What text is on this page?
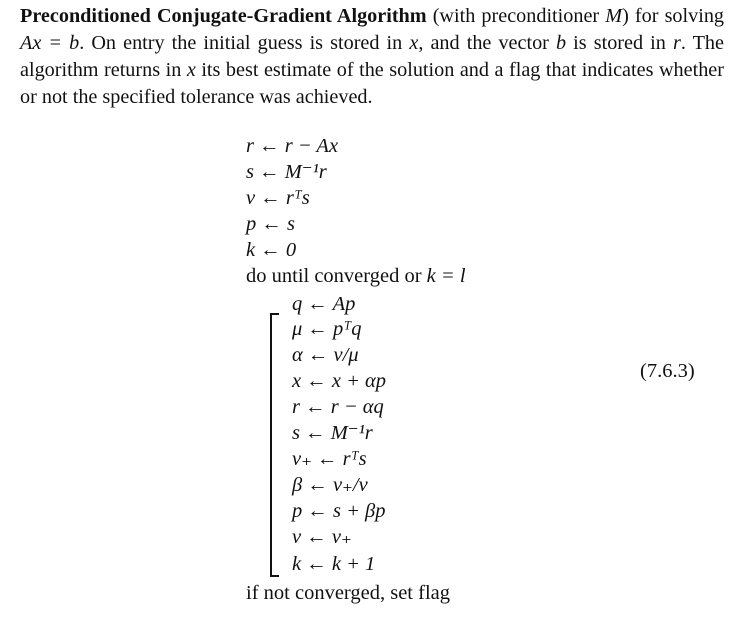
Preconditioned Conjugate-Gradient Algorithm (with preconditioner M) for solving Ax = b. On entry the initial guess is stored in x, and the vector b is stored in r. The algorithm returns in x its best estimate of the solution and a flag that indicates whether or not the specified tolerance was achieved.

r ← r − Ax
s ← M⁻¹r
ν ← rᵀs
p ← s
k ← 0
do until converged or k = l
q ← Ap
μ ← pᵀq
α ← ν/μ
x ← x + αp
r ← r − αq
s ← M⁻¹r
ν₊ ← rᵀs
β ← ν₊/ν
p ← s + βp
ν ← ν₊
k ← k + 1
if not converged, set flag
(7.6.3)
